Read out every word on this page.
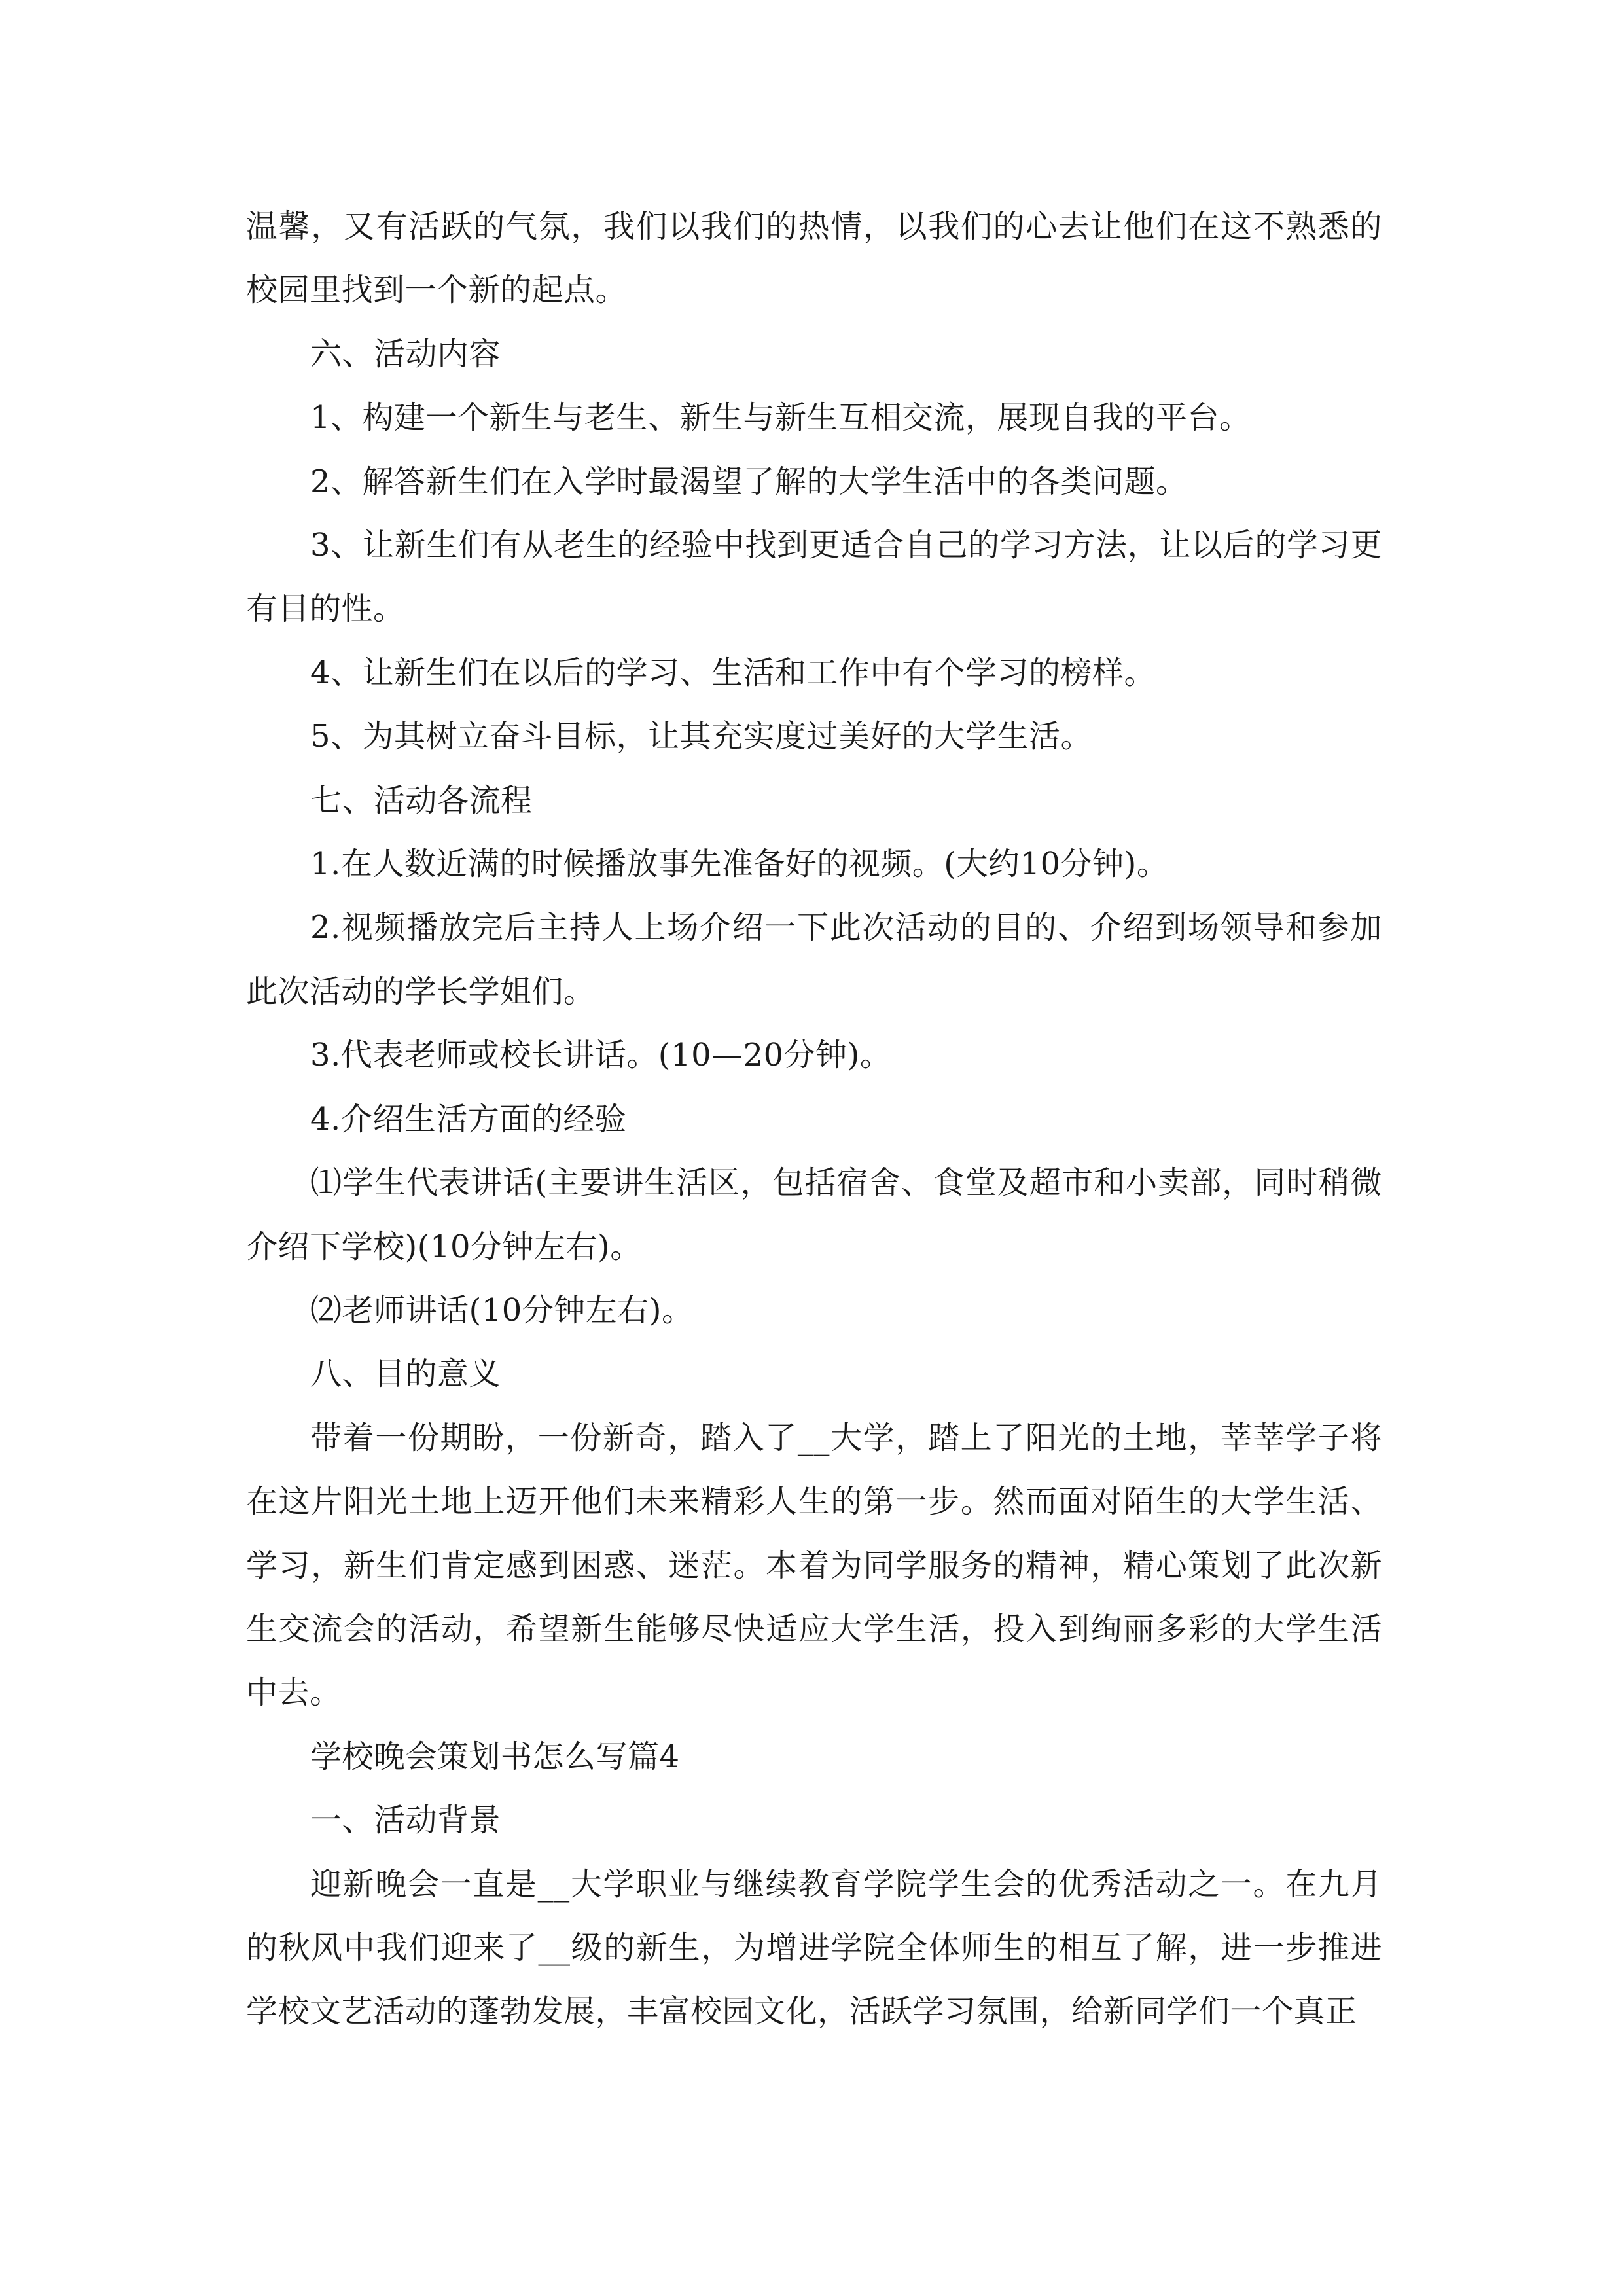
温馨，又有活跃的气氛，我们以我们的热情，以我们的心去让他们在这不熟悉的校园里找到一个新的起点。

六、活动内容

1、构建一个新生与老生、新生与新生互相交流，展现自我的平台。

2、解答新生们在入学时最渴望了解的大学生活中的各类问题。

3、让新生们有从老生的经验中找到更适合自己的学习方法，让以后的学习更有目的性。

4、让新生们在以后的学习、生活和工作中有个学习的榜样。

5、为其树立奋斗目标，让其充实度过美好的大学生活。

七、活动各流程

1.在人数近满的时候播放事先准备好的视频。(大约10分钟)。

2.视频播放完后主持人上场介绍一下此次活动的目的、介绍到场领导和参加此次活动的学长学姐们。

3.代表老师或校长讲话。(10—20分钟)。

4.介绍生活方面的经验

⑴学生代表讲话(主要讲生活区，包括宿舍、食堂及超市和小卖部，同时稍微介绍下学校)(10分钟左右)。

⑵老师讲话(10分钟左右)。

八、目的意义

带着一份期盼，一份新奇，踏入了__大学，踏上了阳光的土地，莘莘学子将在这片阳光土地上迈开他们未来精彩人生的第一步。然而面对陌生的大学生活、学习，新生们肯定感到困惑、迷茫。本着为同学服务的精神，精心策划了此次新生交流会的活动，希望新生能够尽快适应大学生活，投入到绚丽多彩的大学生活中去。

学校晚会策划书怎么写篇4

一、活动背景

迎新晚会一直是__大学职业与继续教育学院学生会的优秀活动之一。在九月的秋风中我们迎来了__级的新生，为增进学院全体师生的相互了解，进一步推进学校文艺活动的蓬勃发展，丰富校园文化，活跃学习氛围，给新同学们一个真正
